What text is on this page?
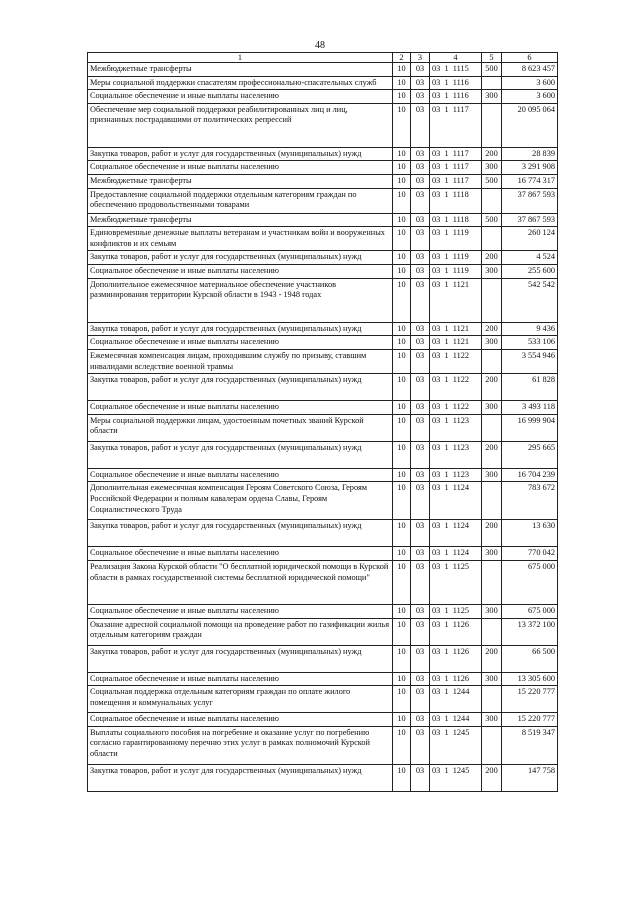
48
1	2	3	4	5	6
Межбюджетные трансферты	10	03	03  1  1115	500	8 623 457
Меры социальной поддержки спасателям профессионально-спасательных служб	10	03	03  1  1116		3 600
Социальное обеспечение и иные выплаты населению	10	03	03  1  1116	300	3 600
Обеспечение мер социальной поддержки реабилитированных лиц и лиц, признанных пострадавшими от политических репрессий	10	03	03  1  1117		20 095 064
Закупка товаров, работ и услуг для государственных (муниципальных) нужд	10	03	03  1  1117	200	28 839
Социальное обеспечение и иные выплаты населению	10	03	03  1  1117	300	3 291 908
Межбюджетные трансферты	10	03	03  1  1117	500	16 774 317
Предоставление социальной поддержки отдельным категориям граждан по обеспечению продовольственными товарами	10	03	03  1  1118		37 867 593
Межбюджетные трансферты	10	03	03  1  1118	500	37 867 593
Единовременные денежные выплаты ветеранам и участникам войн и вооруженных конфликтов и их семьям	10	03	03  1  1119		260 124
Закупка товаров, работ и услуг для государственных (муниципальных) нужд	10	03	03  1  1119	200	4 524
Социальное обеспечение и иные выплаты населению	10	03	03  1  1119	300	255 600
Дополнительное ежемесячное материальное обеспечение участников разминирования территории Курской области в 1943 - 1948 годах	10	03	03  1  1121		542 542
Закупка товаров, работ и услуг для государственных (муниципальных) нужд	10	03	03  1  1121	200	9 436
Социальное обеспечение и иные выплаты населению	10	03	03  1  1121	300	533 106
Ежемесячная компенсация лицам, проходившим службу по призыву, ставшим инвалидами вследствие военной травмы	10	03	03  1  1122		3 554 946
Закупка товаров, работ и услуг для государственных (муниципальных) нужд	10	03	03  1  1122	200	61 828
Социальное обеспечение и иные выплаты населению	10	03	03  1  1122	300	3 493 118
Меры социальной поддержки лицам, удостоенным почетных званий Курской области	10	03	03  1  1123		16 999 904
Закупка товаров, работ и услуг для государственных (муниципальных) нужд	10	03	03  1  1123	200	295 665
Социальное обеспечение и иные выплаты населению	10	03	03  1  1123	300	16 704 239
Дополнительная ежемесячная компенсация Героям Советского Союза, Героям Российской Федерации и полным кавалерам ордена Славы, Героям Социалистического Труда	10	03	03  1  1124		783 672
Закупка товаров, работ и услуг для государственных (муниципальных) нужд	10	03	03  1  1124	200	13 630
Социальное обеспечение и иные выплаты населению	10	03	03  1  1124	300	770 042
Реализация Закона Курской области "О бесплатной юридической помощи в Курской области в рамках государственной системы бесплатной юридической помощи"	10	03	03  1  1125		675 000
Социальное обеспечение и иные выплаты населению	10	03	03  1  1125	300	675 000
Оказание адресной социальной помощи на проведение работ по газификации жилья отдельным категориям граждан	10	03	03  1  1126		13 372 100
Закупка товаров, работ и услуг для государственных (муниципальных) нужд	10	03	03  1  1126	200	66 500
Социальное обеспечение и иные выплаты населению	10	03	03  1  1126	300	13 305 600
Социальная поддержка отдельным категориям граждан по оплате жилого помещения и коммунальных услуг	10	03	03  1  1244		15 220 777
Социальное обеспечение и иные выплаты населению	10	03	03  1  1244	300	15 220 777
Выплаты социального пособия на погребение и оказание услуг по погребению согласно гарантированному перечню этих услуг в рамках полномочий Курской области	10	03	03  1  1245		8 519 347
Закупка товаров, работ и услуг для государственных (муниципальных) нужд	10	03	03  1  1245	200	147 758
